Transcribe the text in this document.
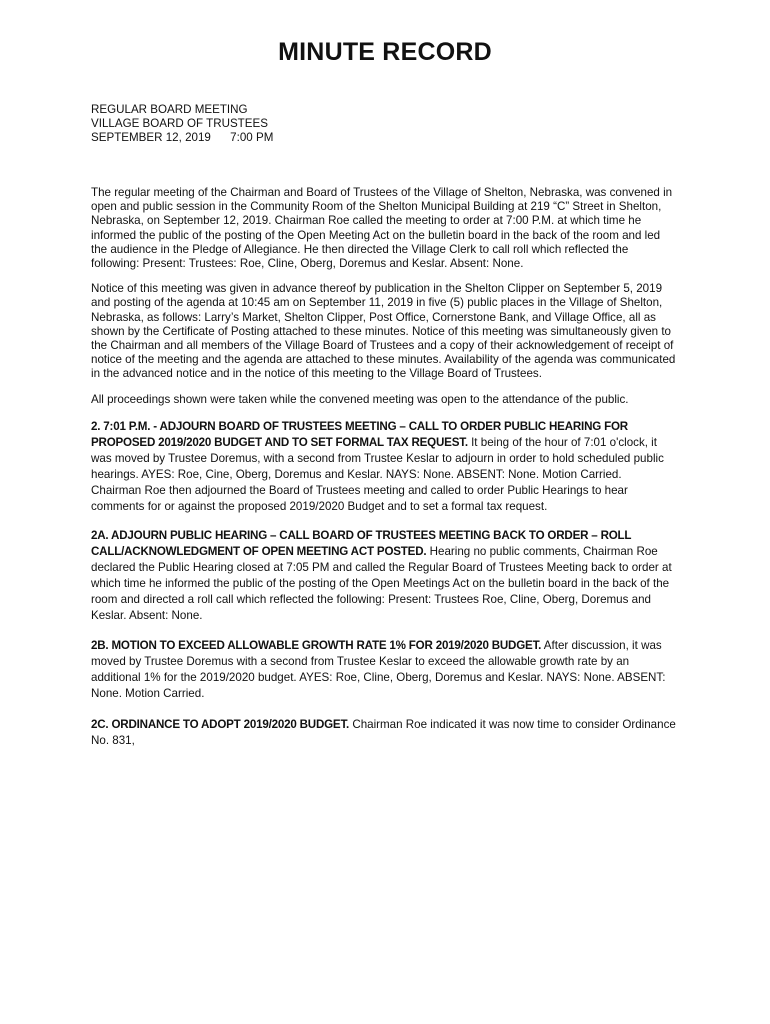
MINUTE RECORD
REGULAR BOARD MEETING
VILLAGE BOARD OF TRUSTEES
SEPTEMBER 12, 2019      7:00 PM

The regular meeting of the Chairman and Board of Trustees of the Village of Shelton, Nebraska, was convened in open and public session in the Community Room of the Shelton Municipal Building at 219 “C” Street in Shelton, Nebraska, on September 12, 2019. Chairman Roe called the meeting to order at 7:00 P.M. at which time he informed the public of the posting of the Open Meeting Act on the bulletin board in the back of the room and led the audience in the Pledge of Allegiance. He then directed the Village Clerk to call roll which reflected the following: Present: Trustees: Roe, Cline, Oberg, Doremus and Keslar. Absent: None.

Notice of this meeting was given in advance thereof by publication in the Shelton Clipper on September 5, 2019 and posting of the agenda at 10:45 am on September 11, 2019 in five (5) public places in the Village of Shelton, Nebraska, as follows: Larry’s Market, Shelton Clipper, Post Office, Cornerstone Bank, and Village Office, all as shown by the Certificate of Posting attached to these minutes. Notice of this meeting was simultaneously given to the Chairman and all members of the Village Board of Trustees and a copy of their acknowledgement of receipt of notice of the meeting and the agenda are attached to these minutes. Availability of the agenda was communicated in the advanced notice and in the notice of this meeting to the Village Board of Trustees.

All proceedings shown were taken while the convened meeting was open to the attendance of the public.

2. 7:01 P.M. - ADJOURN BOARD OF TRUSTEES MEETING – CALL TO ORDER PUBLIC HEARING FOR PROPOSED 2019/2020 BUDGET AND TO SET FORMAL TAX REQUEST. It being of the hour of 7:01 o'clock, it was moved by Trustee Doremus, with a second from Trustee Keslar to adjourn in order to hold scheduled public hearings. AYES: Roe, Cine, Oberg, Doremus and Keslar. NAYS: None. ABSENT: None. Motion Carried.
Chairman Roe then adjourned the Board of Trustees meeting and called to order Public Hearings to hear comments for or against the proposed 2019/2020 Budget and to set a formal tax request.

2A. ADJOURN PUBLIC HEARING – CALL BOARD OF TRUSTEES MEETING BACK TO ORDER – ROLL CALL/ACKNOWLEDGMENT OF OPEN MEETING ACT POSTED. Hearing no public comments, Chairman Roe declared the Public Hearing closed at 7:05 PM and called the Regular Board of Trustees Meeting back to order at which time he informed the public of the posting of the Open Meetings Act on the bulletin board in the back of the room and directed a roll call which reflected the following: Present: Trustees Roe, Cline, Oberg, Doremus and Keslar. Absent: None.

2B. MOTION TO EXCEED ALLOWABLE GROWTH RATE 1% FOR 2019/2020 BUDGET. After discussion, it was moved by Trustee Doremus with a second from Trustee Keslar to exceed the allowable growth rate by an additional 1% for the 2019/2020 budget. AYES: Roe, Cline, Oberg, Doremus and Keslar. NAYS: None. ABSENT: None. Motion Carried.

2C. ORDINANCE TO ADOPT 2019/2020 BUDGET. Chairman Roe indicated it was now time to consider Ordinance No. 831,
